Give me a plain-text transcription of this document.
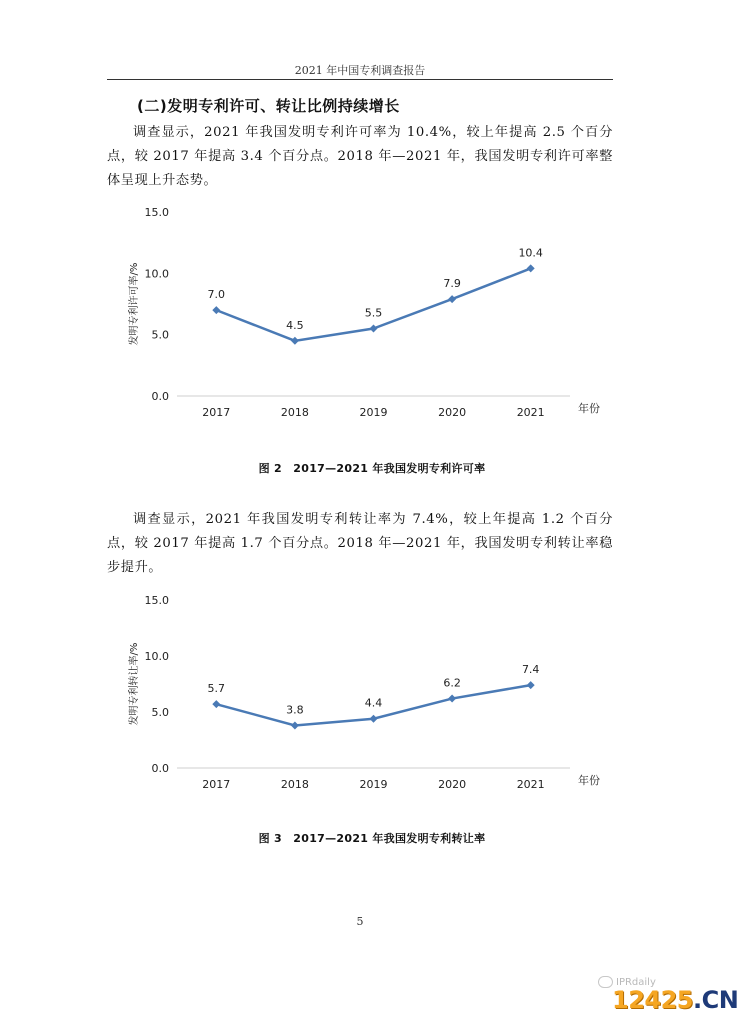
2021 年中国专利调查报告
(二)发明专利许可、转让比例持续增长

调查显示，2021 年我国发明专利许可率为 10.4%，较上年提高 2.5 个百分点，较 2017 年提高 3.4 个百分点。2018 年—2021 年，我国发明专利许可率整体呈现上升态势。

0.0
5.0
10.0
15.0
发明专利许可率/%
2017	2018	2019	2020	2021	年份
7.0
4.5
5.5
7.9
10.4
图 2　2017—2021 年我国发明专利许可率

调查显示，2021 年我国发明专利转让率为 7.4%，较上年提高 1.2 个百分点，较 2017 年提高 1.7 个百分点。2018 年—2021 年，我国发明专利转让率稳步提升。

0.0
5.0
10.0
15.0
发明专利转让率/%
2017	2018	2019	2020	2021	年份
5.7
3.8
4.4
6.2
7.4
图 3　2017—2021 年我国发明专利转让率
5
IPRdaily
12425.CN
